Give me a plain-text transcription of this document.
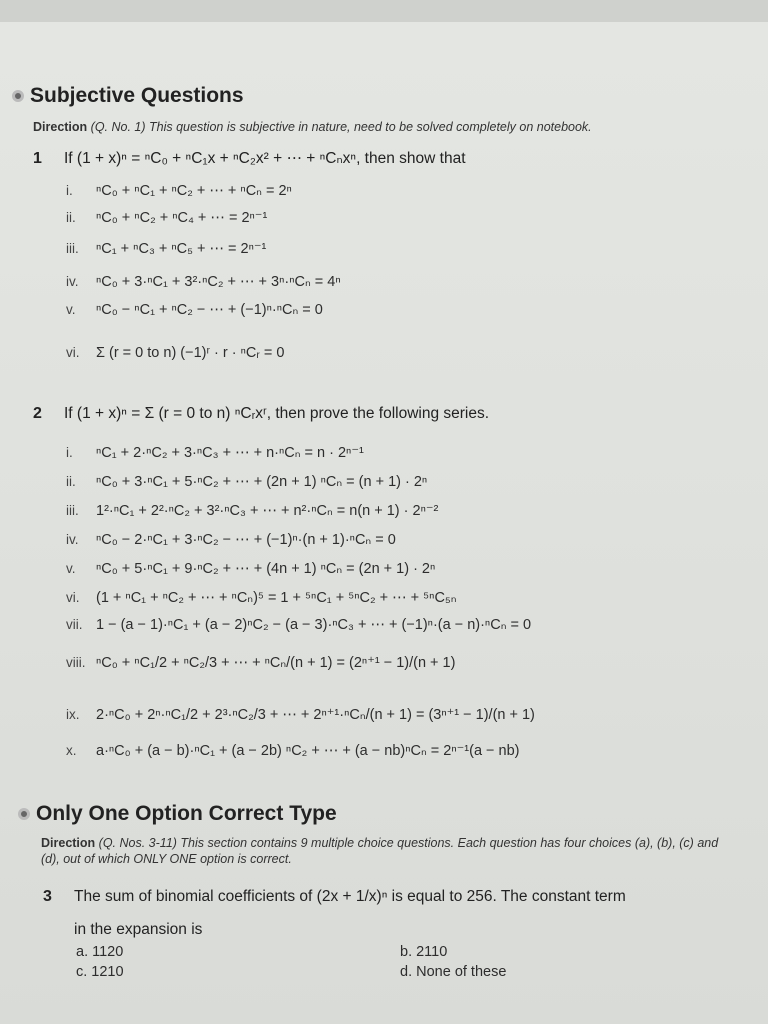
Subjective Questions
Direction (Q. No. 1) This question is subjective in nature, need to be solved completely on notebook.
1 If (1 + x)ⁿ = ⁿC₀ + ⁿC₁x + ⁿC₂x² + ⋯ + ⁿCₙxⁿ, then show that
i. ⁿC₀ + ⁿC₁ + ⁿC₂ + ⋯ + ⁿCₙ = 2ⁿ
ii. ⁿC₀ + ⁿC₂ + ⁿC₄ + ⋯ = 2ⁿ⁻¹
iii. ⁿC₁ + ⁿC₃ + ⁿC₅ + ⋯ = 2ⁿ⁻¹
iv. ⁿC₀ + 3·ⁿC₁ + 3²·ⁿC₂ + ⋯ + 3ⁿ·ⁿCₙ = 4ⁿ
v. ⁿC₀ − ⁿC₁ + ⁿC₂ − ⋯ + (−1)ⁿ·ⁿCₙ = 0
vi. Σ (r = 0 to n) (−1)ʳ · r · ⁿCᵣ = 0
2 If (1 + x)ⁿ = Σ (r = 0 to n) ⁿCᵣxʳ, then prove the following series.
i. ⁿC₁ + 2·ⁿC₂ + 3·ⁿC₃ + ⋯ + n·ⁿCₙ = n · 2ⁿ⁻¹
ii. ⁿC₀ + 3·ⁿC₁ + 5·ⁿC₂ + ⋯ + (2n + 1) ⁿCₙ = (n + 1) · 2ⁿ
iii. 1²·ⁿC₁ + 2²·ⁿC₂ + 3²·ⁿC₃ + ⋯ + n²·ⁿCₙ = n(n + 1) · 2ⁿ⁻²
iv. ⁿC₀ − 2·ⁿC₁ + 3·ⁿC₂ − ⋯ + (−1)ⁿ·(n + 1)·ⁿCₙ = 0
v. ⁿC₀ + 5·ⁿC₁ + 9·ⁿC₂ + ⋯ + (4n + 1) ⁿCₙ = (2n + 1) · 2ⁿ
vi. (1 + ⁿC₁ + ⁿC₂ + ⋯ + ⁿCₙ)⁵ = 1 + ⁵ⁿC₁ + ⁵ⁿC₂ + ⋯ + ⁵ⁿC₅ₙ
vii. 1 − (a − 1)·ⁿC₁ + (a − 2)ⁿC₂ − (a − 3)·ⁿC₃ + ⋯ + (−1)ⁿ·(a − n)·ⁿCₙ = 0
viii. ⁿC₀ + ⁿC₁/2 + ⁿC₂/3 + ⋯ + ⁿCₙ/(n + 1) = (2ⁿ⁺¹ − 1)/(n + 1)
ix. 2·ⁿC₀ + 2ⁿ·ⁿC₁/2 + 2³·ⁿC₂/3 + ⋯ + 2ⁿ⁺¹·ⁿCₙ/(n + 1) = (3ⁿ⁺¹ − 1)/(n + 1)
x. a·ⁿC₀ + (a − b)·ⁿC₁ + (a − 2b) ⁿC₂ + ⋯ + (a − nb)ⁿCₙ = 2ⁿ⁻¹(a − nb)
Only One Option Correct Type
Direction (Q. Nos. 3-11) This section contains 9 multiple choice questions. Each question has four choices (a), (b), (c) and (d), out of which ONLY ONE option is correct.
3 The sum of binomial coefficients of (2x + 1/x)ⁿ is equal to 256. The constant term
in the expansion is
a. 1120	b. 2110
c. 1210	d. None of these
